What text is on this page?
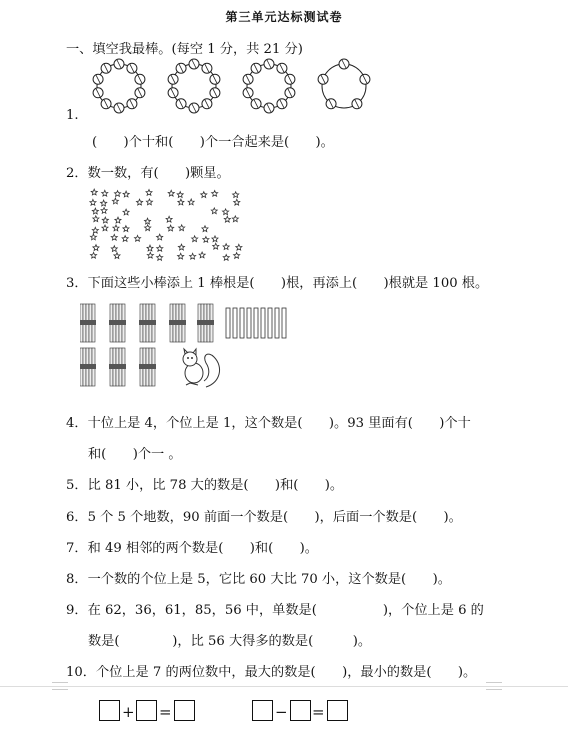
第三单元达标测试卷
一、填空我最棒。(每空 1 分，共 21 分)
1.
(　　)个十和(　　)个一合起来是(　　)。
2．数一数，有(　　)颗星。
3．下面这些小棒添上 1 棒根是(　　)根，再添上(　　)根就是 100 根。
4．十位上是 4，个位上是 1，这个数是(　　)。93 里面有(　　)个十
和(　　)个一 。
5．比 81 小，比 78 大的数是(　　)和(　　)。
6．5 个 5 个地数，90 前面一个数是(　　)，后面一个数是(　　)。
7．和 49 相邻的两个数是(　　)和(　　)。
8．一个数的个位上是 5，它比 60 大比 70 小，这个数是(　　)。
9．在 62，36，61，85，56 中，单数是(　　　　　)，个位上是 6 的
数是(　　　　)，比 56 大得多的数是(　　　)。
10．个位上是 7 的两位数中，最大的数是(　　)，最小的数是(　　)。
+ =	− =
